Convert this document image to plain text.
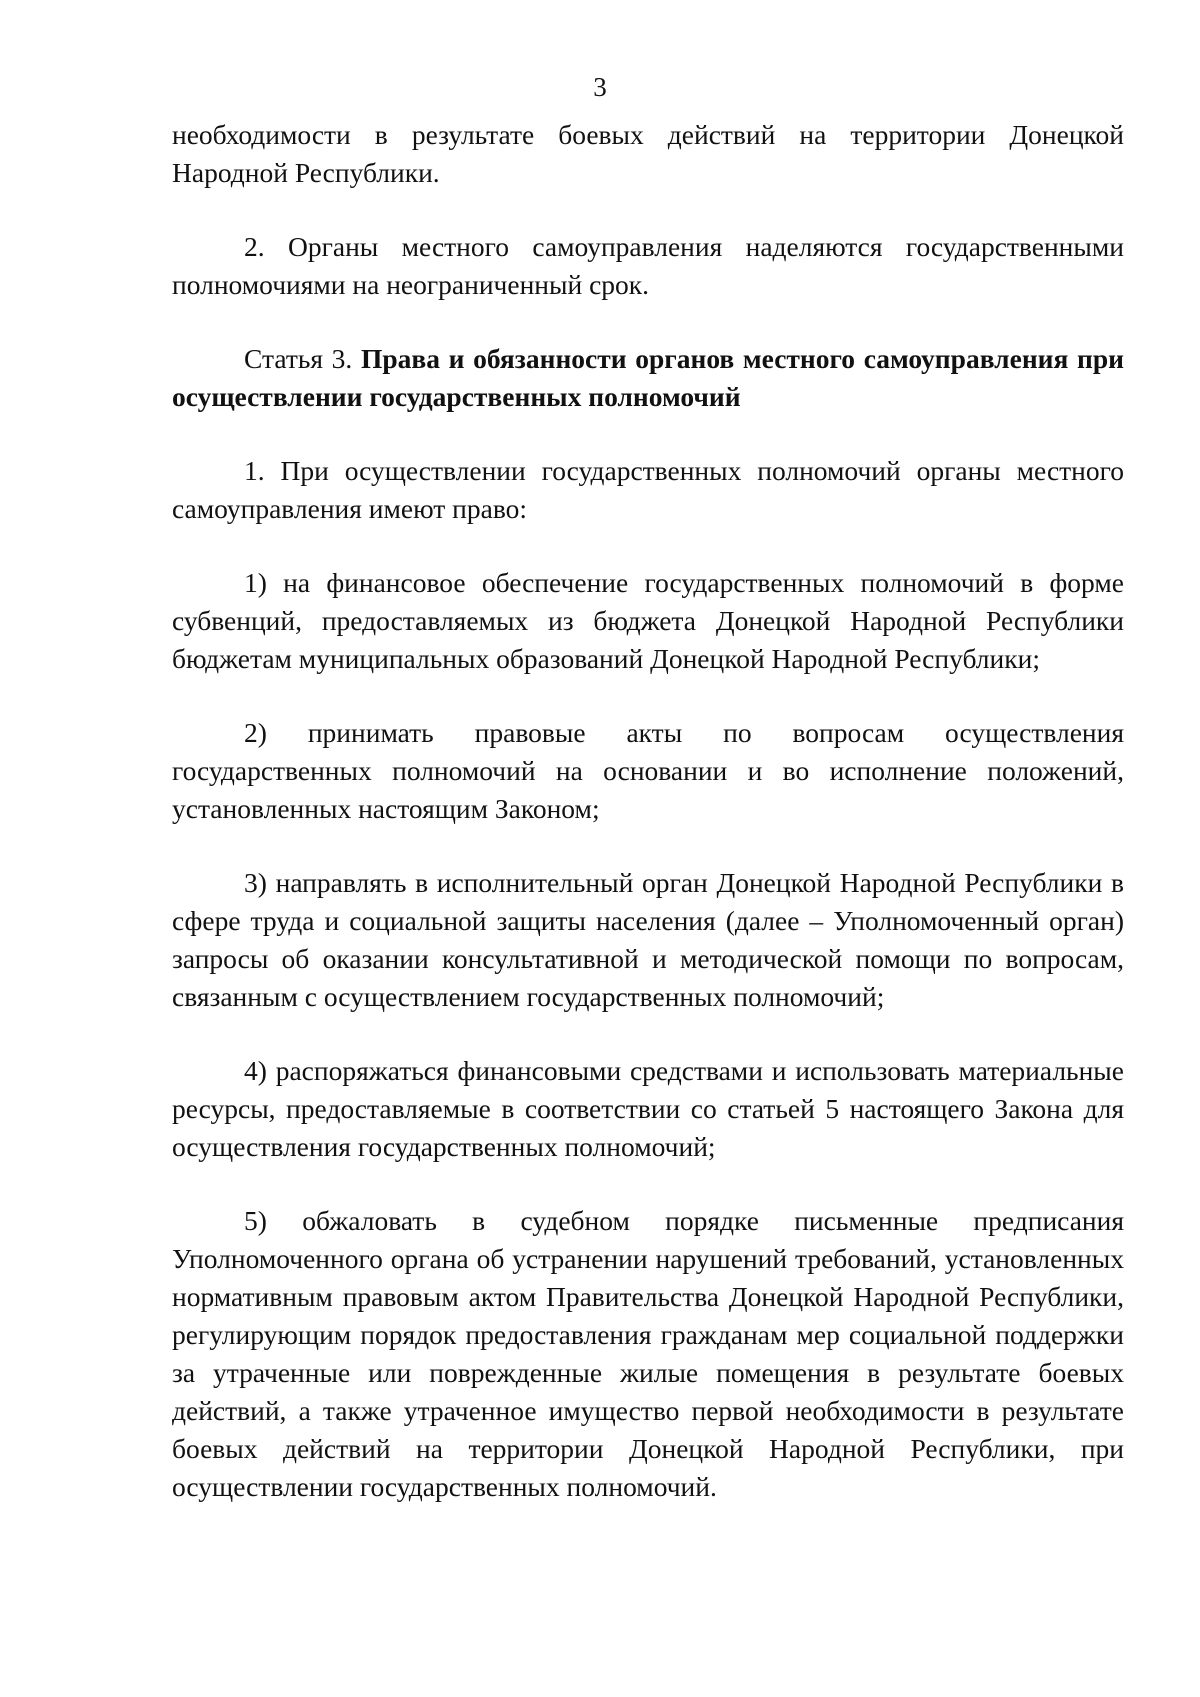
3

необходимости в результате боевых действий на территории Донецкой Народной Республики.

2. Органы местного самоуправления наделяются государственными полномочиями на неограниченный срок.

Статья 3. Права и обязанности органов местного самоуправления при осуществлении государственных полномочий

1. При осуществлении государственных полномочий органы местного самоуправления имеют право:

1) на финансовое обеспечение государственных полномочий в форме субвенций, предоставляемых из бюджета Донецкой Народной Республики бюджетам муниципальных образований Донецкой Народной Республики;

2) принимать правовые акты по вопросам осуществления государственных полномочий на основании и во исполнение положений, установленных настоящим Законом;

3) направлять в исполнительный орган Донецкой Народной Республики в сфере труда и социальной защиты населения (далее – Уполномоченный орган) запросы об оказании консультативной и методической помощи по вопросам, связанным с осуществлением государственных полномочий;

4) распоряжаться финансовыми средствами и использовать материальные ресурсы, предоставляемые в соответствии со статьей 5 настоящего Закона для осуществления государственных полномочий;

5) обжаловать в судебном порядке письменные предписания Уполномоченного органа об устранении нарушений требований, установленных нормативным правовым актом Правительства Донецкой Народной Республики, регулирующим порядок предоставления гражданам мер социальной поддержки за утраченные или поврежденные жилые помещения в результате боевых действий, а также утраченное имущество первой необходимости в результате боевых действий на территории Донецкой Народной Республики, при осуществлении государственных полномочий.
